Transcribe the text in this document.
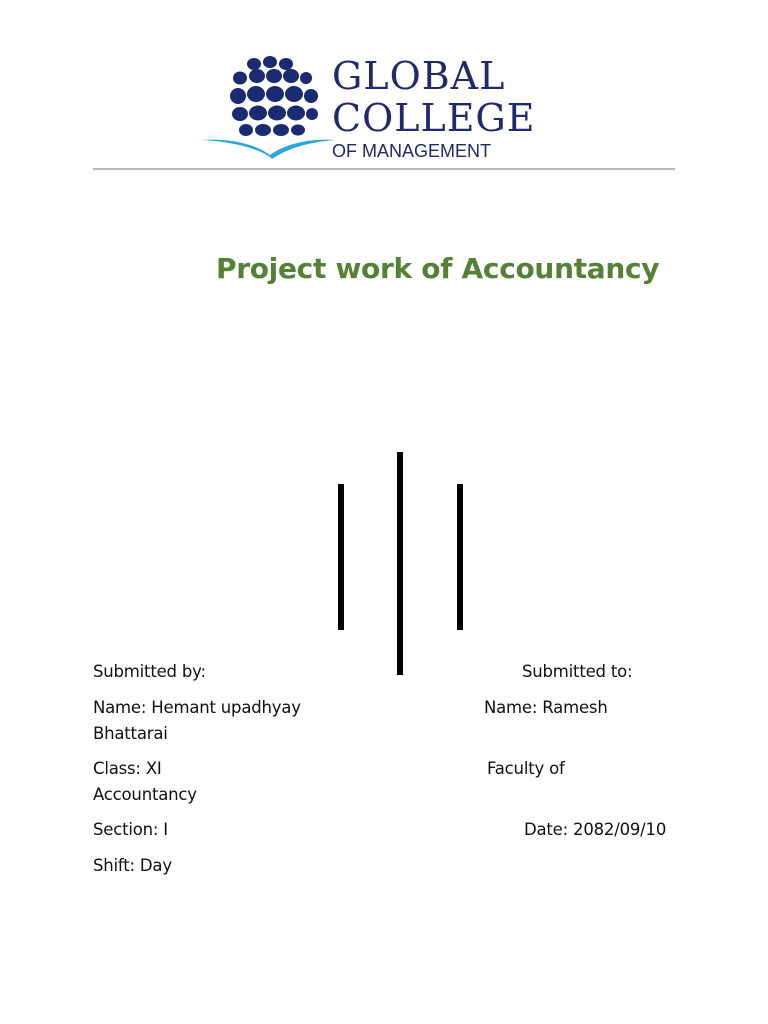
GLOBAL
COLLEGE
OF MANAGEMENT
Project work of Accountancy
Submitted by:	Submitted to:
Name: Hemant upadhyay	Name: Ramesh
Bhattarai
Class: XI	Faculty of
Accountancy
Section: I	Date: 2082/09/10
Shift: Day
